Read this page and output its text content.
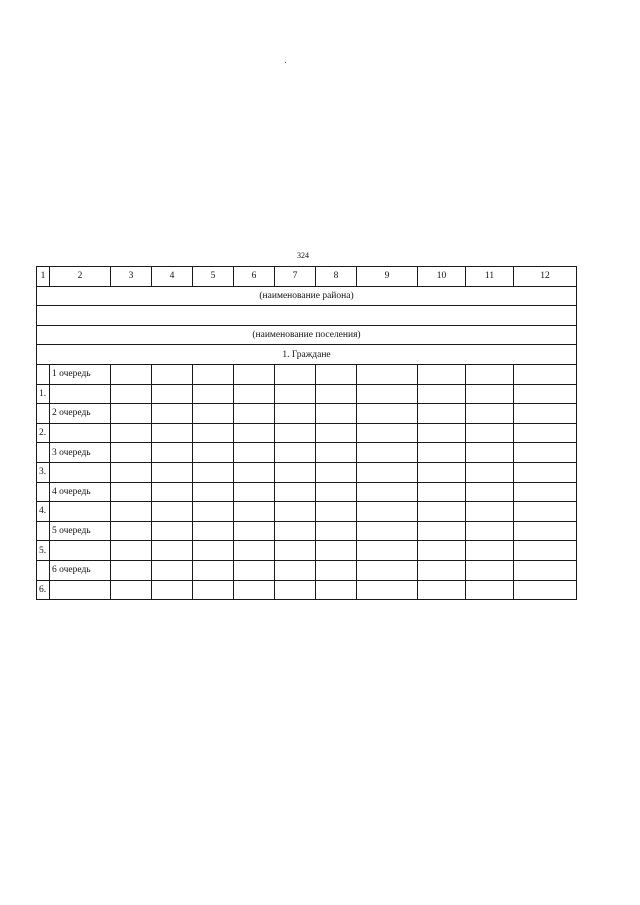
324
1	2	3	4	5	6	7	8	9	10	11	12
(наименование района)											

(наименование поселения)											
1. Граждане											
	1 очередь										
1.											
	2 очередь										
2.											
	3 очередь										
3.											
	4 очередь										
4.											
	5 очередь										
5.											
	6 очередь										
6.											
